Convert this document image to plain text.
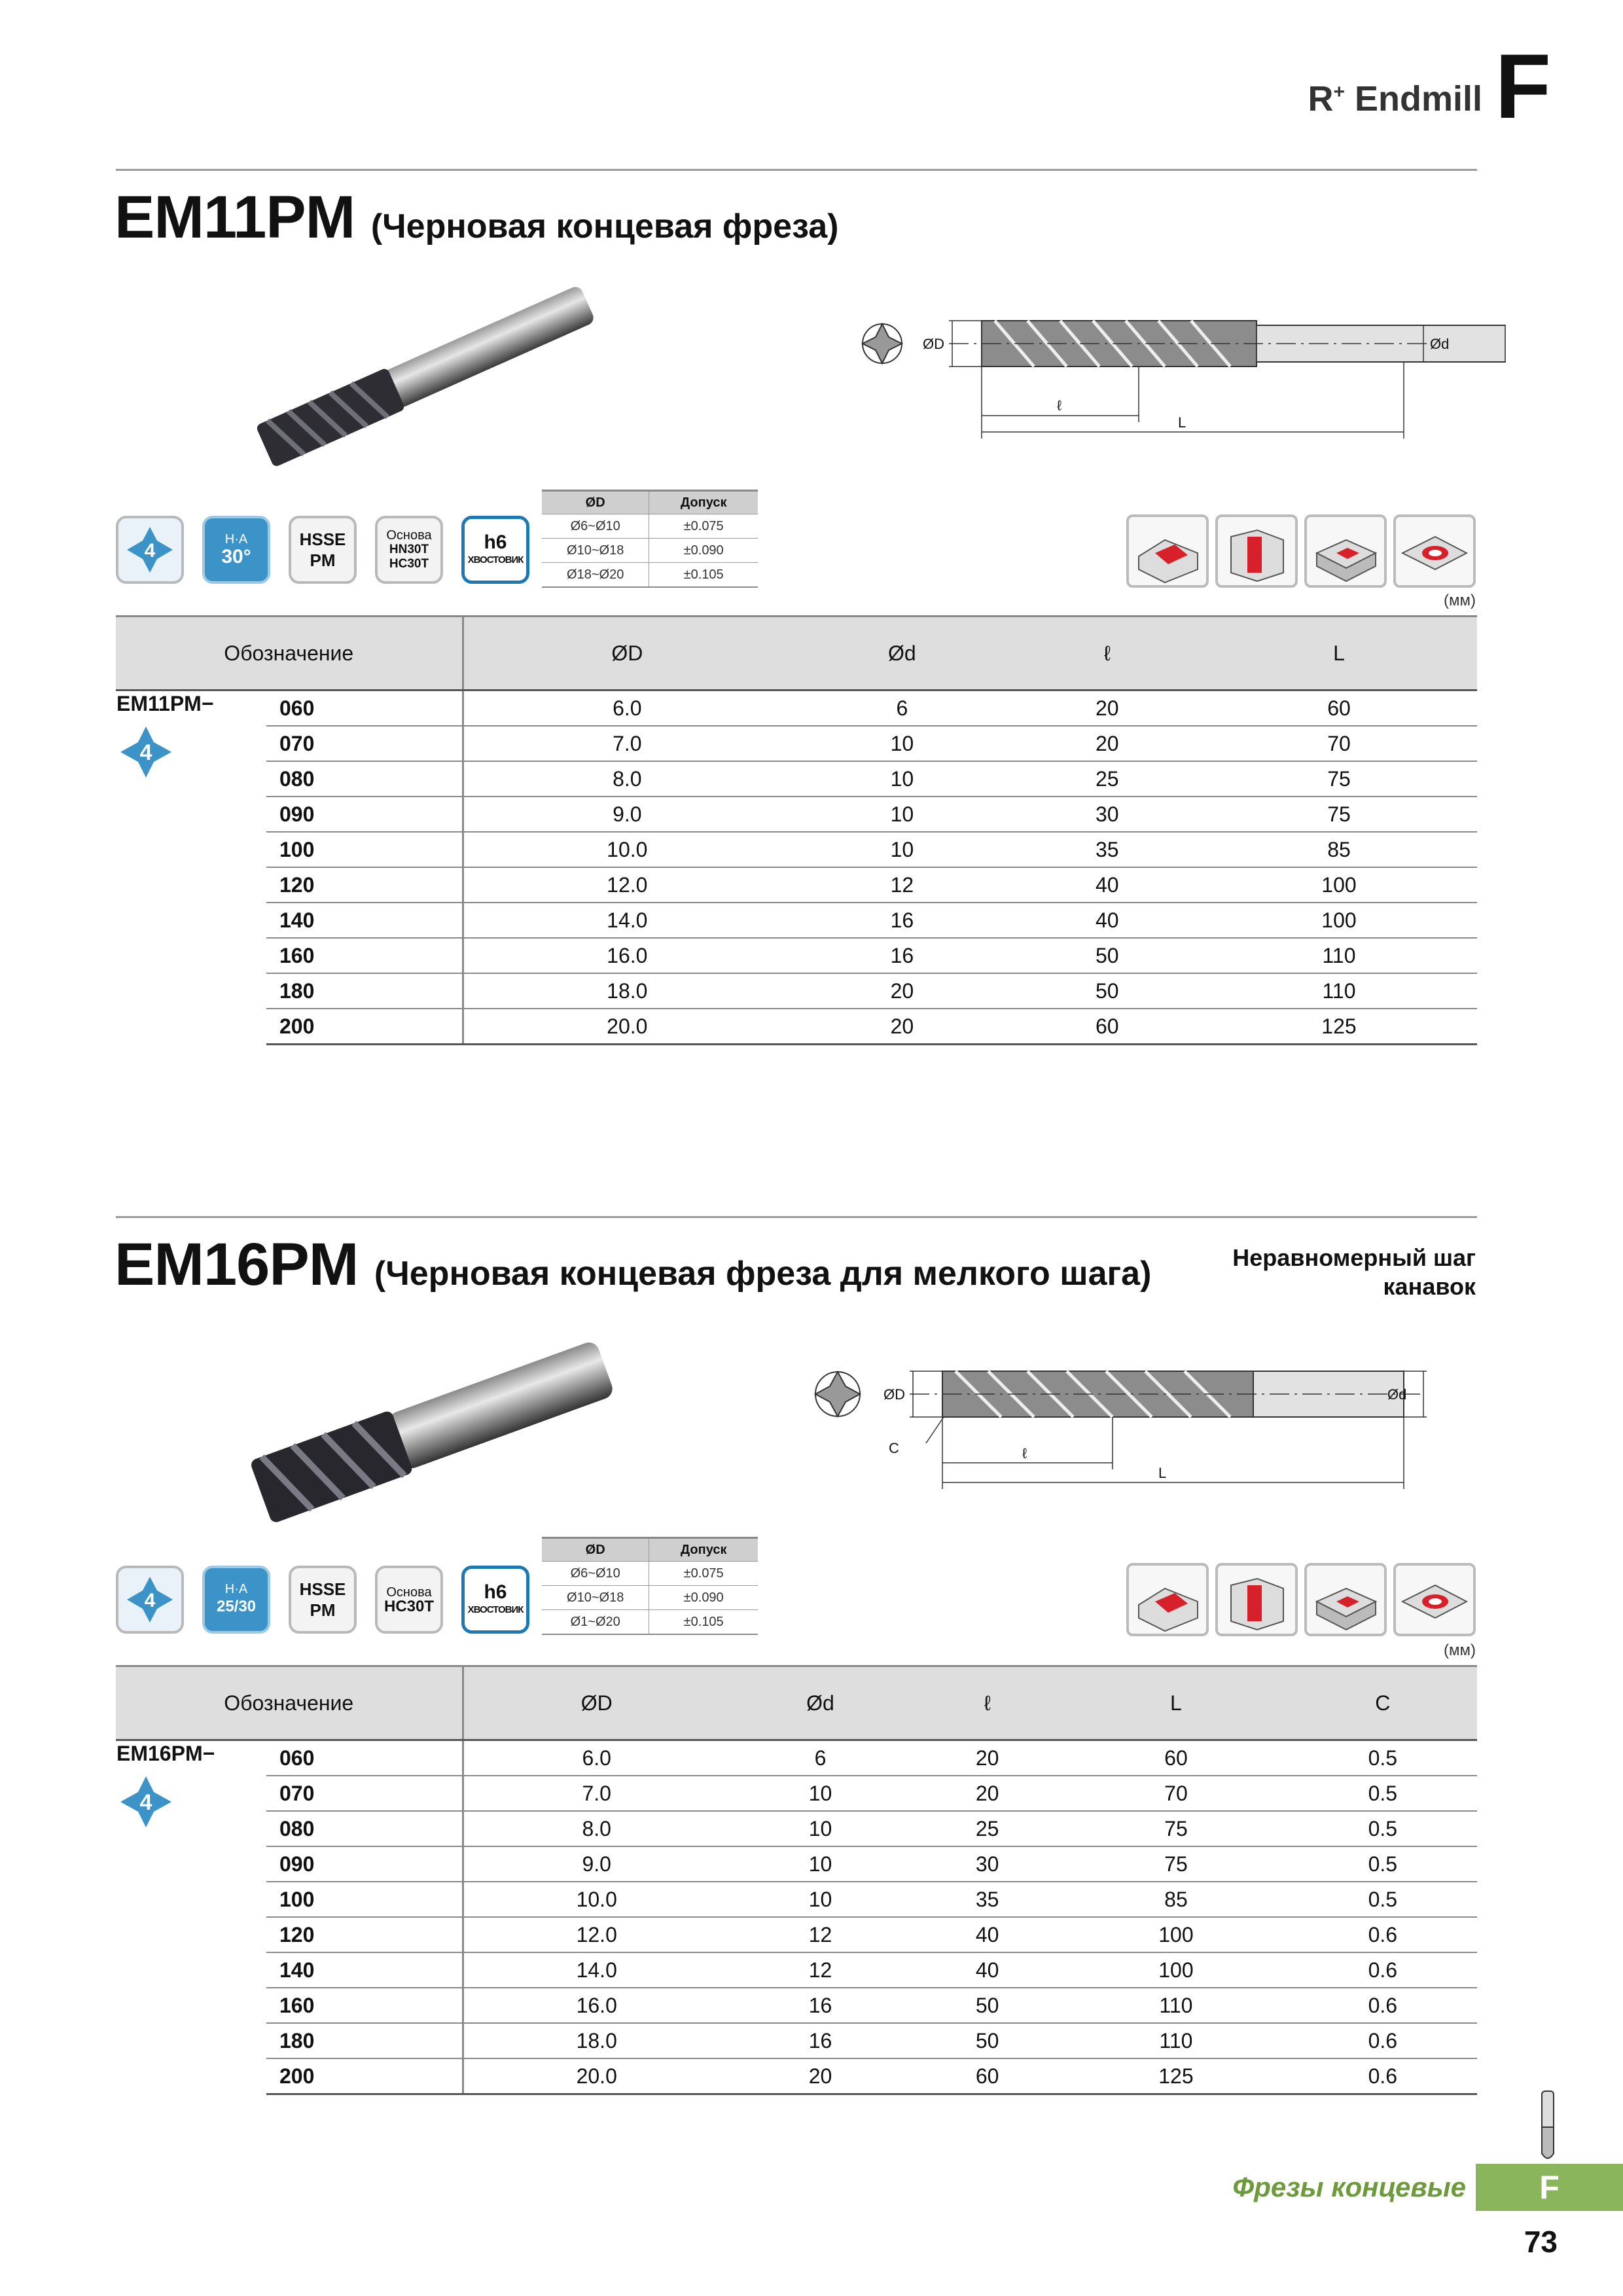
R+ Endmill F
EM11PM (Черновая концевая фреза)
ØD	Ød
ℓ
L
4
H·A
30°
HSSE
PM
Основа
HN30T HC30T
h6
ХВОСТОВИК
ØD	Допуск
Ø6~Ø10	±0.075
Ø10~Ø18	±0.090
Ø18~Ø20	±0.105
(мм)
Обозначение		ØD	Ød	ℓ	L

EM11PM−
4	060	6.0	6	20	60
	070	7.0	10	20	70
	080	8.0	10	25	75
	090	9.0	10	30	75
	100	10.0	10	35	85
	120	12.0	12	40	100
	140	14.0	16	40	100
	160	16.0	16	50	110
	180	18.0	20	50	110
	200	20.0	20	60	125
EM16PM (Черновая концевая фреза для мелкого шага)	Неравномерный шаг
канавок
ØD	Ød
ℓ
L
C
4
H·A
25/30
HSSE
PM
Основа
HC30T
h6
ХВОСТОВИК
ØD	Допуск
Ø6~Ø10	±0.075
Ø10~Ø18	±0.090
Ø1~Ø20	±0.105
(мм)
Обозначение		ØD	Ød	ℓ	L	C

EM16PM−
4	060	6.0	6	20	60	0.5
	070	7.0	10	20	70	0.5
	080	8.0	10	25	75	0.5
	090	9.0	10	30	75	0.5
	100	10.0	10	35	85	0.5
	120	12.0	12	40	100	0.6
	140	14.0	12	40	100	0.6
	160	16.0	16	50	110	0.6
	180	18.0	16	50	110	0.6
	200	20.0	20	60	125	0.6
Фрезы концевые	F
73
